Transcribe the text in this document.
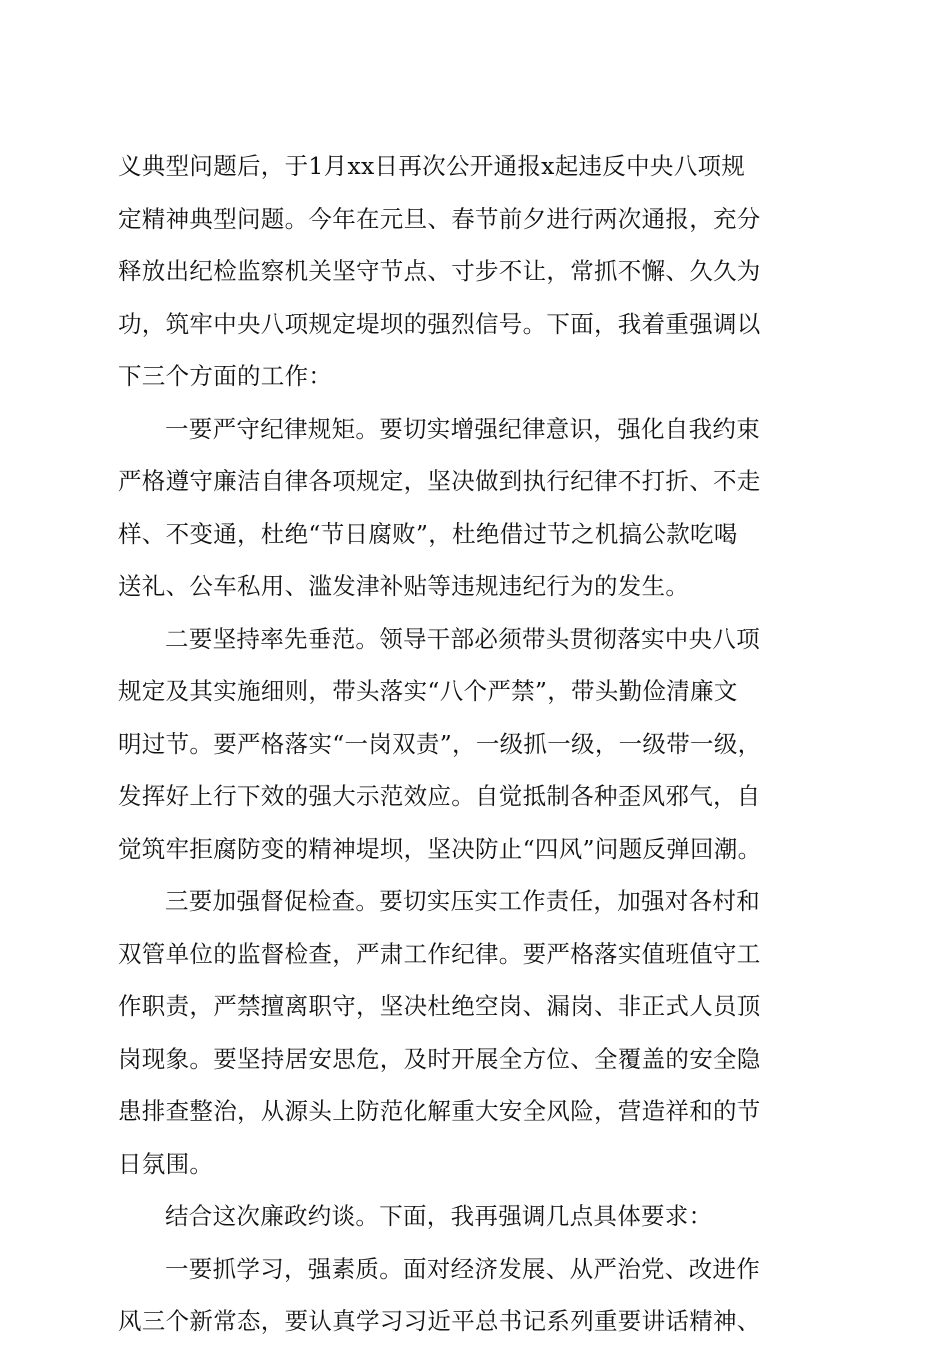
义典型问题后，于1月xx日再次公开通报x起违反中央八项规
定精神典型问题。今年在元旦、春节前夕进行两次通报，充分
释放出纪检监察机关坚守节点、寸步不让，常抓不懈、久久为
功，筑牢中央八项规定堤坝的强烈信号。下面，我着重强调以
下三个方面的工作：
一要严守纪律规矩。要切实增强纪律意识，强化自我约束
严格遵守廉洁自律各项规定，坚决做到执行纪律不打折、不走
样、不变通，杜绝“节日腐败”，杜绝借过节之机搞公款吃喝
送礼、公车私用、滥发津补贴等违规违纪行为的发生。
二要坚持率先垂范。领导干部必须带头贯彻落实中央八项
规定及其实施细则，带头落实“八个严禁”，带头勤俭清廉文
明过节。要严格落实“一岗双责”，一级抓一级，一级带一级，
发挥好上行下效的强大示范效应。自觉抵制各种歪风邪气，自
觉筑牢拒腐防变的精神堤坝，坚决防止“四风”问题反弹回潮。
三要加强督促检查。要切实压实工作责任，加强对各村和
双管单位的监督检查，严肃工作纪律。要严格落实值班值守工
作职责，严禁擅离职守，坚决杜绝空岗、漏岗、非正式人员顶
岗现象。要坚持居安思危，及时开展全方位、全覆盖的安全隐
患排查整治，从源头上防范化解重大安全风险，营造祥和的节
日氛围。
结合这次廉政约谈。下面，我再强调几点具体要求：
一要抓学习，强素质。面对经济发展、从严治党、改进作
风三个新常态，要认真学习习近平总书记系列重要讲话精神、
